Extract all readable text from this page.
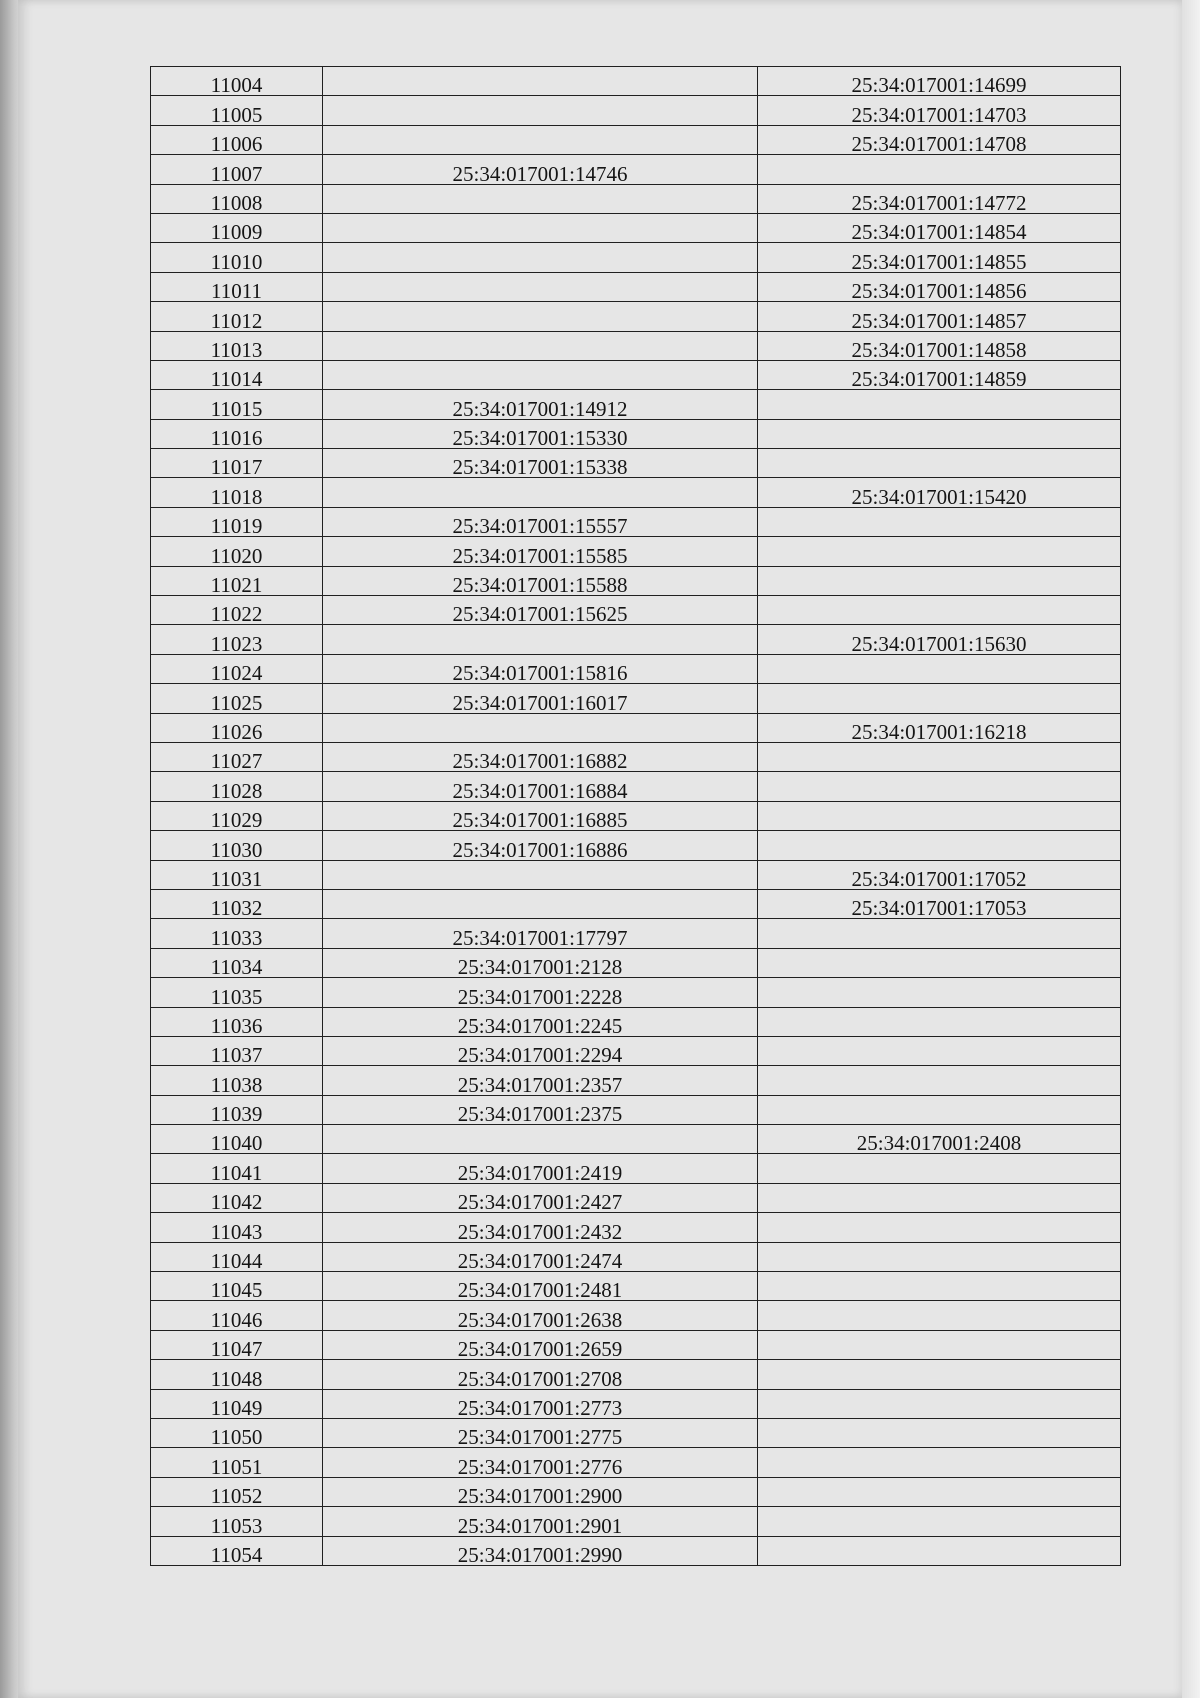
11004		25:34:017001:14699
11005		25:34:017001:14703
11006		25:34:017001:14708
11007	25:34:017001:14746	
11008		25:34:017001:14772
11009		25:34:017001:14854
11010		25:34:017001:14855
11011		25:34:017001:14856
11012		25:34:017001:14857
11013		25:34:017001:14858
11014		25:34:017001:14859
11015	25:34:017001:14912	
11016	25:34:017001:15330	
11017	25:34:017001:15338	
11018		25:34:017001:15420
11019	25:34:017001:15557	
11020	25:34:017001:15585	
11021	25:34:017001:15588	
11022	25:34:017001:15625	
11023		25:34:017001:15630
11024	25:34:017001:15816	
11025	25:34:017001:16017	
11026		25:34:017001:16218
11027	25:34:017001:16882	
11028	25:34:017001:16884	
11029	25:34:017001:16885	
11030	25:34:017001:16886	
11031		25:34:017001:17052
11032		25:34:017001:17053
11033	25:34:017001:17797	
11034	25:34:017001:2128	
11035	25:34:017001:2228	
11036	25:34:017001:2245	
11037	25:34:017001:2294	
11038	25:34:017001:2357	
11039	25:34:017001:2375	
11040		25:34:017001:2408
11041	25:34:017001:2419	
11042	25:34:017001:2427	
11043	25:34:017001:2432	
11044	25:34:017001:2474	
11045	25:34:017001:2481	
11046	25:34:017001:2638	
11047	25:34:017001:2659	
11048	25:34:017001:2708	
11049	25:34:017001:2773	
11050	25:34:017001:2775	
11051	25:34:017001:2776	
11052	25:34:017001:2900	
11053	25:34:017001:2901	
11054	25:34:017001:2990	
